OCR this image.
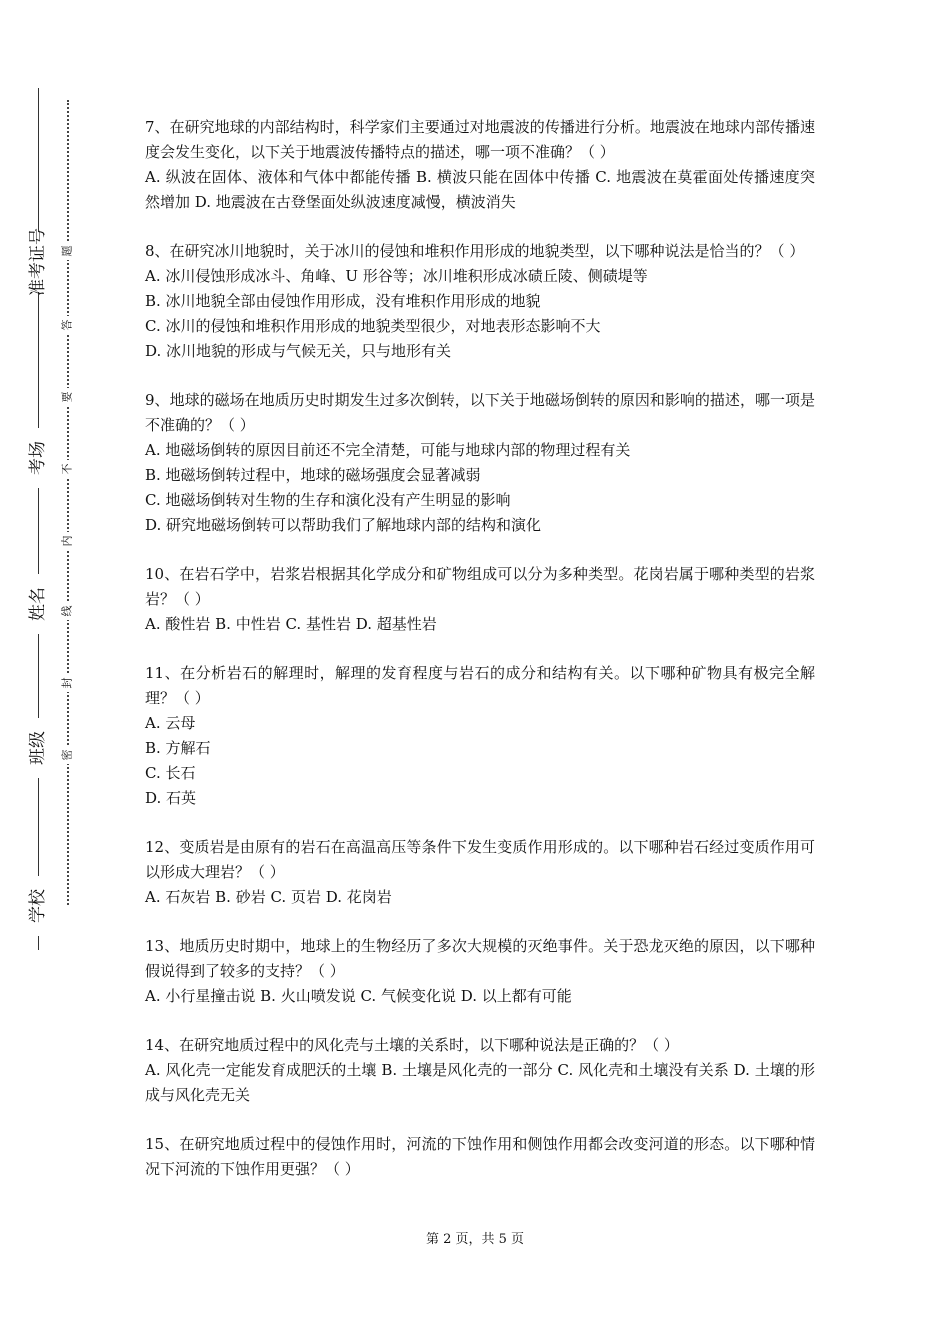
准考证号
考场
姓名
班级
学校
题
答
要
不
内
线
封
密

7、在研究地球的内部结构时，科学家们主要通过对地震波的传播进行分析。地震波在地球内部传播速度会发生变化，以下关于地震波传播特点的描述，哪一项不准确？（ ）

A. 纵波在固体、液体和气体中都能传播 B. 横波只能在固体中传播 C. 地震波在莫霍面处传播速度突然增加 D. 地震波在古登堡面处纵波速度减慢，横波消失

8、在研究冰川地貌时，关于冰川的侵蚀和堆积作用形成的地貌类型，以下哪种说法是恰当的？（ ）

A. 冰川侵蚀形成冰斗、角峰、U 形谷等；冰川堆积形成冰碛丘陵、侧碛堤等

B. 冰川地貌全部由侵蚀作用形成，没有堆积作用形成的地貌

C. 冰川的侵蚀和堆积作用形成的地貌类型很少，对地表形态影响不大

D. 冰川地貌的形成与气候无关，只与地形有关

9、地球的磁场在地质历史时期发生过多次倒转，以下关于地磁场倒转的原因和影响的描述，哪一项是不准确的？（ ）

A. 地磁场倒转的原因目前还不完全清楚，可能与地球内部的物理过程有关

B. 地磁场倒转过程中，地球的磁场强度会显著减弱

C. 地磁场倒转对生物的生存和演化没有产生明显的影响

D. 研究地磁场倒转可以帮助我们了解地球内部的结构和演化

10、在岩石学中，岩浆岩根据其化学成分和矿物组成可以分为多种类型。花岗岩属于哪种类型的岩浆岩？（ ）

A. 酸性岩 B. 中性岩 C. 基性岩 D. 超基性岩

11、在分析岩石的解理时，解理的发育程度与岩石的成分和结构有关。以下哪种矿物具有极完全解理？（ ）

A. 云母

B. 方解石

C. 长石

D. 石英

12、变质岩是由原有的岩石在高温高压等条件下发生变质作用形成的。以下哪种岩石经过变质作用可以形成大理岩？（ ）

A. 石灰岩 B. 砂岩 C. 页岩 D. 花岗岩

13、地质历史时期中，地球上的生物经历了多次大规模的灭绝事件。关于恐龙灭绝的原因，以下哪种假说得到了较多的支持？（ ）

A. 小行星撞击说 B. 火山喷发说 C. 气候变化说 D. 以上都有可能

14、在研究地质过程中的风化壳与土壤的关系时，以下哪种说法是正确的？（ ）

A. 风化壳一定能发育成肥沃的土壤 B. 土壤是风化壳的一部分 C. 风化壳和土壤没有关系 D. 土壤的形成与风化壳无关

15、在研究地质过程中的侵蚀作用时，河流的下蚀作用和侧蚀作用都会改变河道的形态。以下哪种情况下河流的下蚀作用更强？（ ）

第 2 页，共 5 页
